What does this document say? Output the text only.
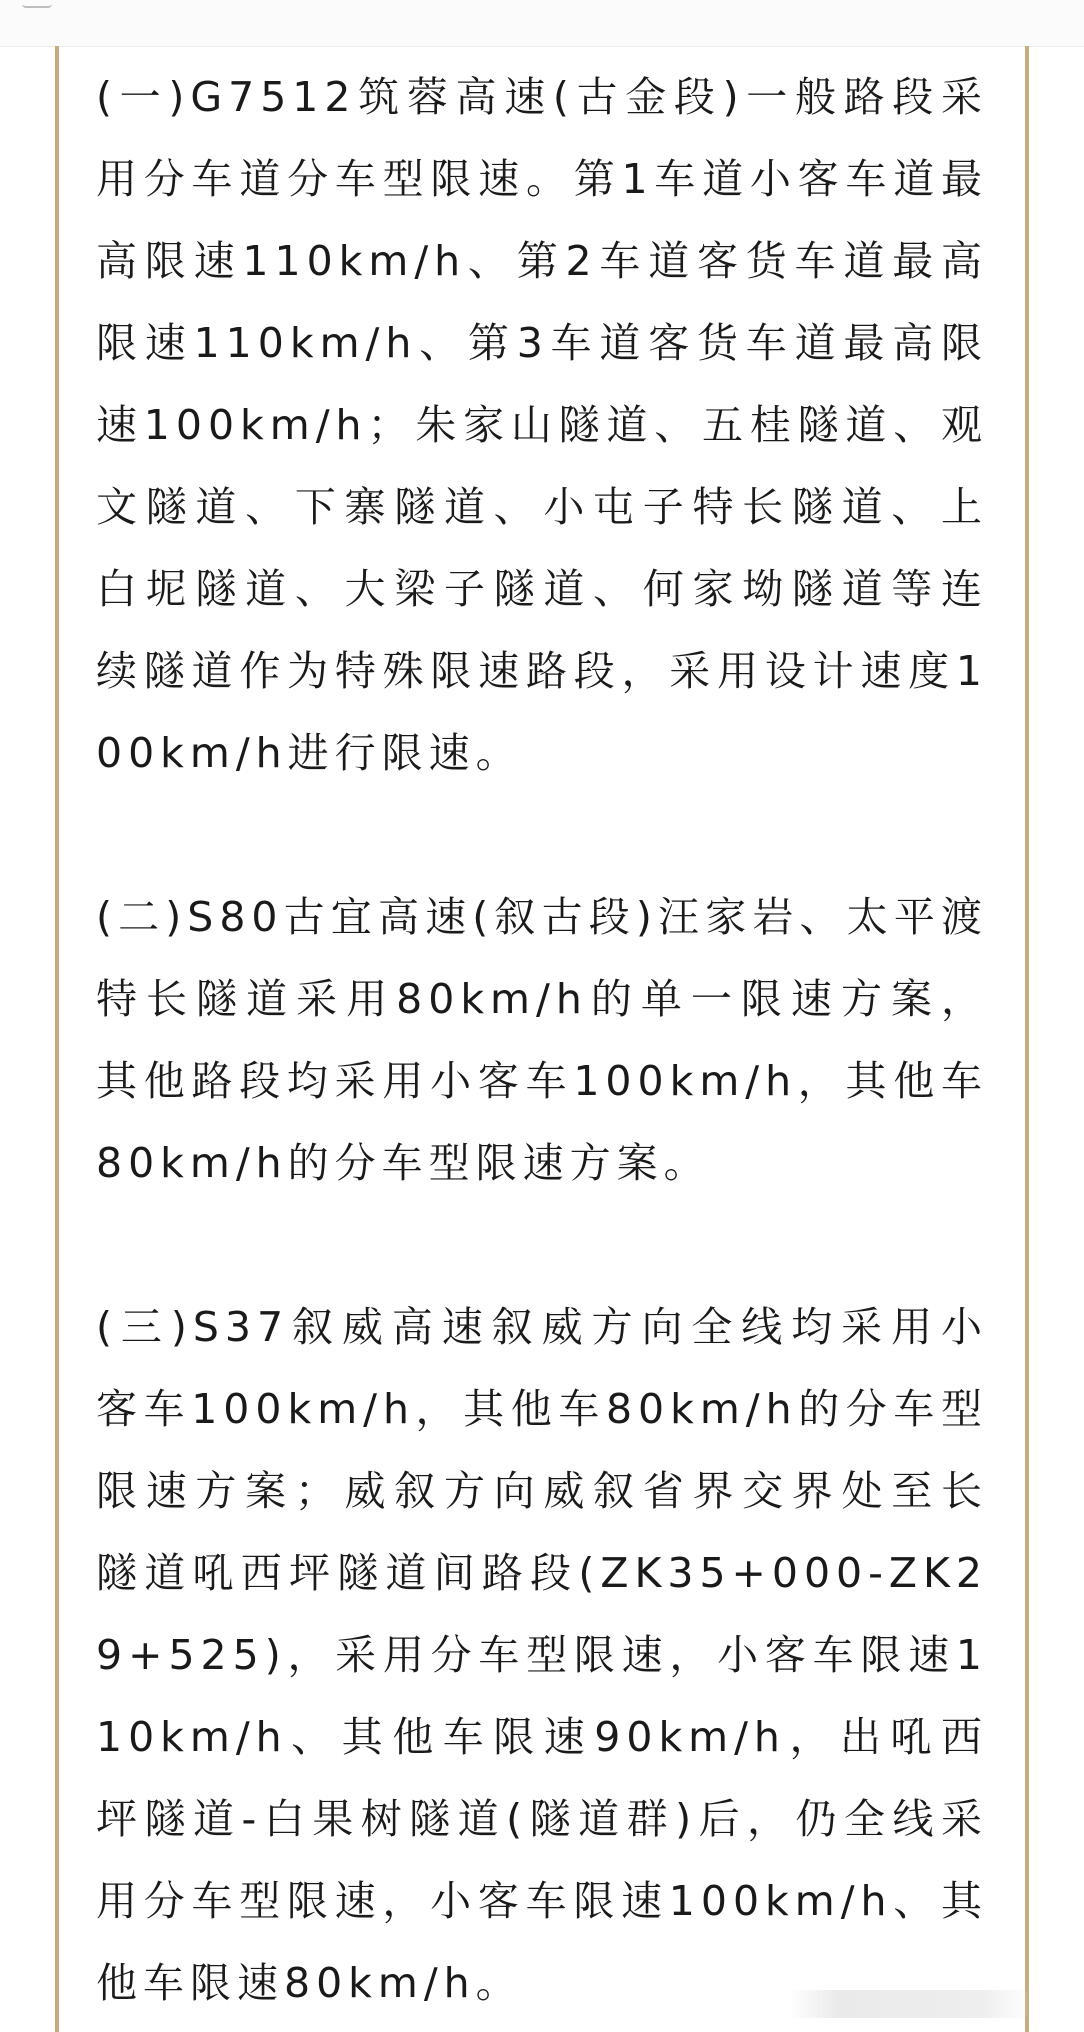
(一)G7512筑蓉高速(古金段)一般路段采用分车道分车型限速。第1车道小客车道最高限速110km/h、第2车道客货车道最高限速110km/h、第3车道客货车道最高限速100km/h；朱家山隧道、五桂隧道、观文隧道、下寨隧道、小屯子特长隧道、上白坭隧道、大梁子隧道、何家坳隧道等连续隧道作为特殊限速路段，采用设计速度100km/h进行限速。

(二)S80古宜高速(叙古段)汪家岩、太平渡特长隧道采用80km/h的单一限速方案，其他路段均采用小客车100km/h，其他车80km/h的分车型限速方案。

(三)S37叙威高速叙威方向全线均采用小客车100km/h，其他车80km/h的分车型限速方案；威叙方向威叙省界交界处至长隧道吼西坪隧道间路段(ZK35+000-ZK29+525)，采用分车型限速，小客车限速110km/h、其他车限速90km/h，出吼西坪隧道-白果树隧道(隧道群)后，仍全线采用分车型限速，小客车限速100km/h、其他车限速80km/h。
